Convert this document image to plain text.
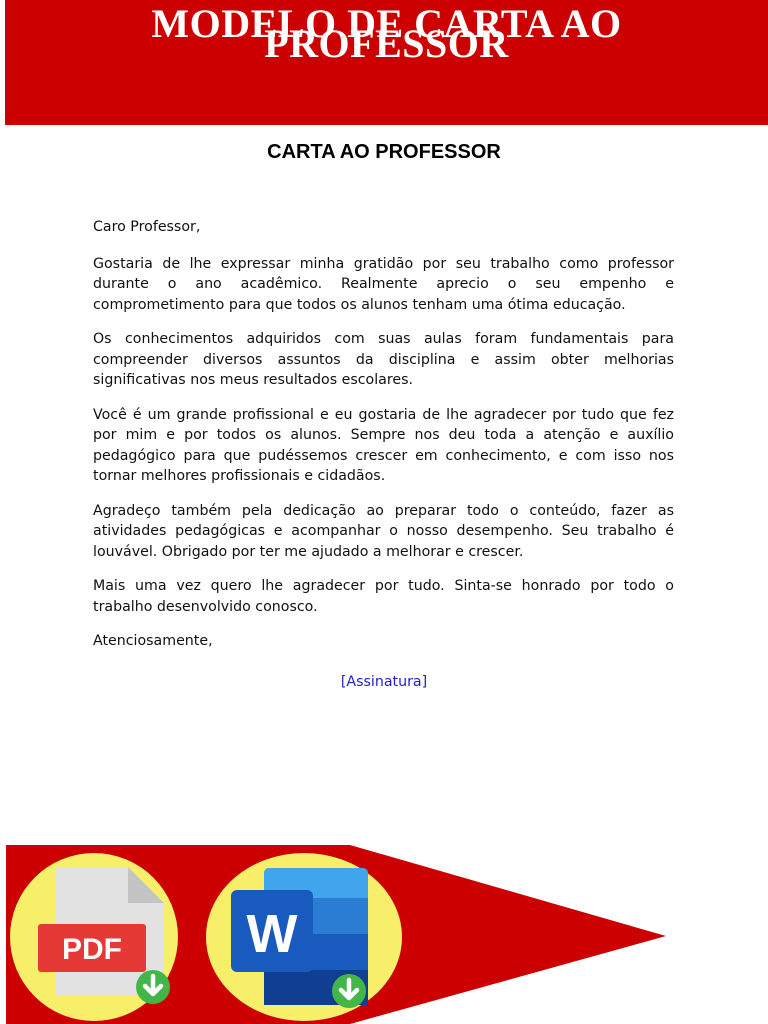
MODELO DE CARTA AO
PROFESSOR
CARTA AO PROFESSOR

Caro Professor,

Gostaria de lhe expressar minha gratidão por seu trabalho como professor durante o ano acadêmico. Realmente aprecio o seu empenho e comprometimento para que todos os alunos tenham uma ótima educação.

Os conhecimentos adquiridos com suas aulas foram fundamentais para compreender diversos assuntos da disciplina e assim obter melhorias significativas nos meus resultados escolares.

Você é um grande profissional e eu gostaria de lhe agradecer por tudo que fez por mim e por todos os alunos. Sempre nos deu toda a atenção e auxílio pedagógico para que pudéssemos crescer em conhecimento, e com isso nos tornar melhores profissionais e cidadãos.

Agradeço também pela dedicação ao preparar todo o conteúdo, fazer as atividades pedagógicas e acompanhar o nosso desempenho. Seu trabalho é louvável. Obrigado por ter me ajudado a melhorar e crescer.

Mais uma vez quero lhe agradecer por tudo. Sinta-se honrado por todo o trabalho desenvolvido conosco.

Atenciosamente,

[Assinatura]
PDF W
